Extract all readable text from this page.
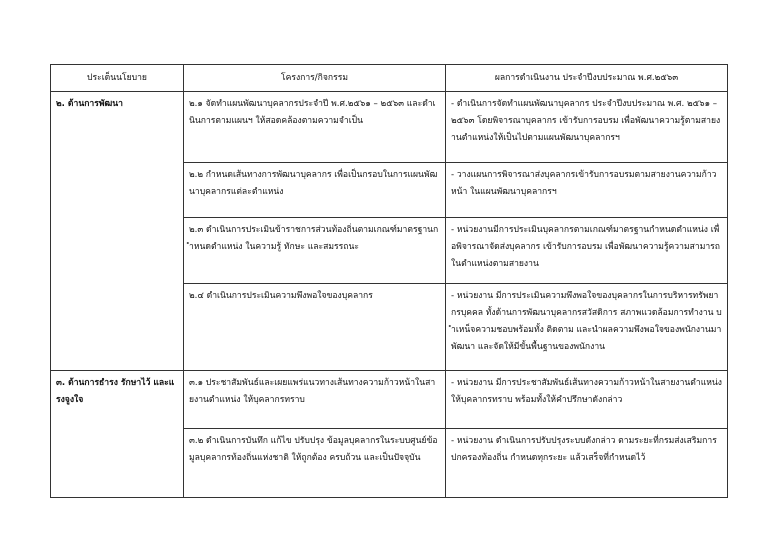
ประเด็นนโยบาย	โครงการ/กิจกรรม	ผลการดำเนินงาน ประจำปีงบประมาณ พ.ศ.๒๕๖๓

๒. ด้านการพัฒนา	๒.๑ จัดทำแผนพัฒนาบุคลากรประจำปี พ.ศ.๒๕๖๑ – ๒๕๖๓ และดำเนินการตามแผนฯ ให้สอดคล้องตามความจำเป็น	- ดำเนินการจัดทำแผนพัฒนาบุคลากร ประจำปีงบประมาณ พ.ศ. ๒๕๖๑ – ๒๕๖๓ โดยพิจารณาบุคลากร เข้ารับการอบรม เพื่อพัฒนาความรู้ตามสายงานตำแหน่งให้เป็นไปตามแผนพัฒนาบุคลากรฯ

	๒.๒ กำหนดเส้นทางการพัฒนาบุคลากร เพื่อเป็นกรอบในการแผนพัฒนาบุคลากรแต่ละตำแหน่ง	- วางแผนการพิจารณาส่งบุคลากรเข้ารับการอบรมตามสายงานความก้าวหน้า ในแผนพัฒนาบุคลากรฯ

	๒.๓ ดำเนินการประเมินข้าราชการส่วนท้องถิ่นตามเกณฑ์มาตรฐานกำหนดตำแหน่ง ในความรู้ ทักษะ และสมรรถนะ	- หน่วยงานมีการประเมินบุคลากรตามเกณฑ์มาตรฐานกำหนดตำแหน่ง เพื่อพิจารณาจัดส่งบุคลากร เข้ารับการอบรม เพื่อพัฒนาความรู้ความสามารถในตำแหน่งตามสายงาน

	๒.๔ ดำเนินการประเมินความพึงพอใจของบุคลากร	- หน่วยงาน มีการประเมินความพึงพอใจของบุคลากรในการบริหารทรัพยากรบุคคล ทั้งด้านการพัฒนาบุคลากรสวัสดิการ สภาพแวดล้อมการทำงาน บำเหน็จความชอบพร้อมทั้ง ติดตาม และนำผลความพึงพอใจของพนักงานมาพัฒนา และจัดให้มีขั้นพื้นฐานของพนักงาน

๓. ด้านการธำรง รักษาไว้ และแรงจูงใจ	๓.๑ ประชาสัมพันธ์และเผยแพร่แนวทางเส้นทางความก้าวหน้าในสายงานตำแหน่ง ให้บุคลากรทราบ	- หน่วยงาน มีการประชาสัมพันธ์เส้นทางความก้าวหน้าในสายงานตำแหน่ง ให้บุคลากรทราบ พร้อมทั้งให้คำปรึกษาดังกล่าว

	๓.๒ ดำเนินการบันทึก แก้ไข ปรับปรุง ข้อมูลบุคลากรในระบบศูนย์ข้อมูลบุคลากรท้องถิ่นแห่งชาติ ให้ถูกต้อง ครบถ้วน และเป็นปัจจุบัน	- หน่วยงาน ดำเนินการปรับปรุงระบบดังกล่าว ตามระยะที่กรมส่งเสริมการปกครองท้องถิ่น กำหนดทุกระยะ แล้วเสร็จที่กำหนดไว้
